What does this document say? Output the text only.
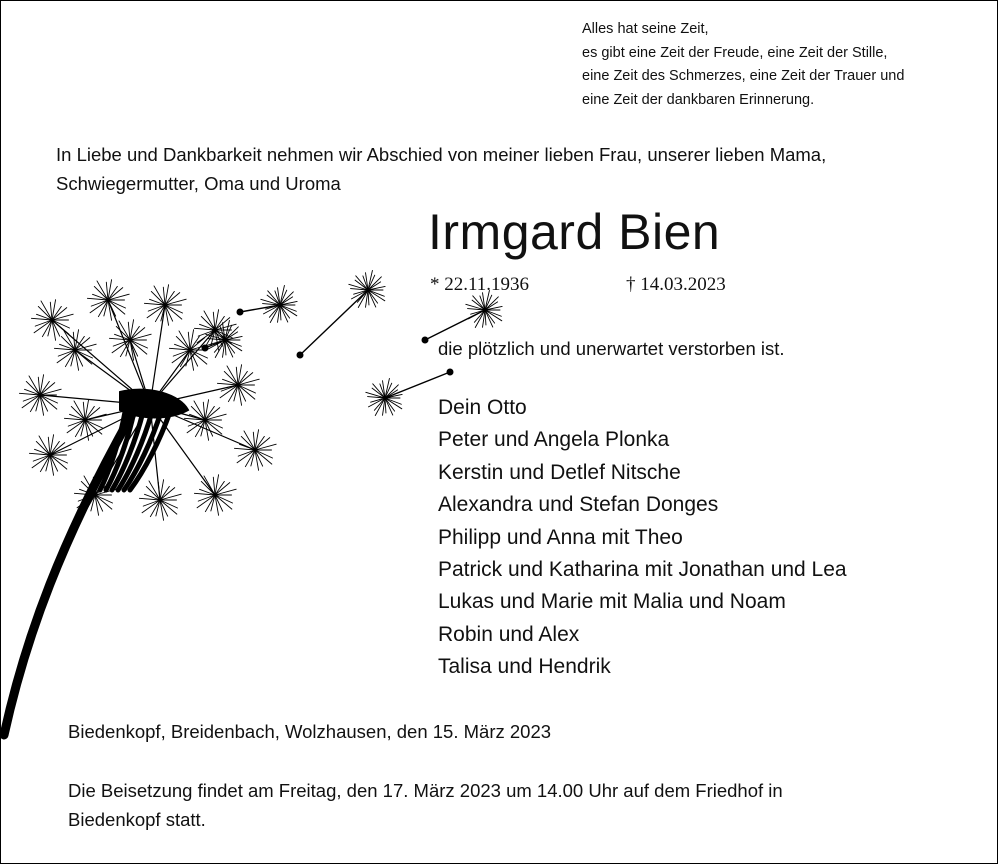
Alles hat seine Zeit,
es gibt eine Zeit der Freude, eine Zeit der Stille,
eine Zeit des Schmerzes, eine Zeit der Trauer und
eine Zeit der dankbaren Erinnerung.
In Liebe und Dankbarkeit nehmen wir Abschied von meiner lieben Frau, unserer lieben Mama,
Schwiegermutter, Oma und Uroma
Irmgard Bien
* 22.11.1936	† 14.03.2023
die plötzlich und unerwartet verstorben ist.
Dein Otto
Peter und Angela Plonka
Kerstin und Detlef Nitsche
Alexandra und Stefan Donges
Philipp und Anna mit Theo
Patrick und Katharina mit Jonathan und Lea
Lukas und Marie mit Malia und Noam
Robin und Alex
Talisa und Hendrik
Biedenkopf, Breidenbach, Wolzhausen, den 15. März 2023
Die Beisetzung findet am Freitag, den 17. März 2023 um 14.00 Uhr auf dem Friedhof in
Biedenkopf statt.
